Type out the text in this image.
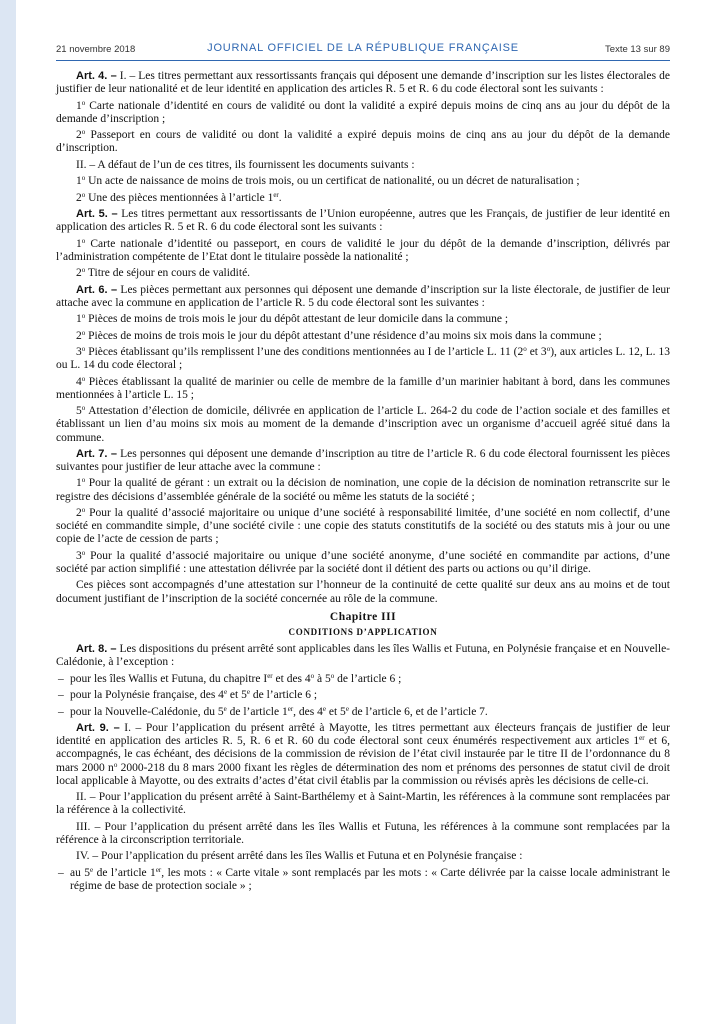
21 novembre 2018	JOURNAL OFFICIEL DE LA RÉPUBLIQUE FRANÇAISE	Texte 13 sur 89

Art. 4. – I. – Les titres permettant aux ressortissants français qui déposent une demande d’inscription sur les listes électorales de justifier de leur nationalité et de leur identité en application des articles R. 5 et R. 6 du code électoral sont les suivants :

1$^o$ Carte nationale d’identité en cours de validité ou dont la validité a expiré depuis moins de cinq ans au jour du dépôt de la demande d’inscription ;

2$^o$ Passeport en cours de validité ou dont la validité a expiré depuis moins de cinq ans au jour du dépôt de la demande d’inscription.

II. – A défaut de l’un de ces titres, ils fournissent les documents suivants :

1$^o$ Un acte de naissance de moins de trois mois, ou un certificat de nationalité, ou un décret de naturalisation ;

2$^o$ Une des pièces mentionnées à l’article 1er.

Art. 5. – Les titres permettant aux ressortissants de l’Union européenne, autres que les Français, de justifier de leur identité en application des articles R. 5 et R. 6 du code électoral sont les suivants :

1$^o$ Carte nationale d’identité ou passeport, en cours de validité le jour du dépôt de la demande d’inscription, délivrés par l’administration compétente de l’Etat dont le titulaire possède la nationalité ;

2$^o$ Titre de séjour en cours de validité.

Art. 6. – Les pièces permettant aux personnes qui déposent une demande d’inscription sur la liste électorale, de justifier de leur attache avec la commune en application de l’article R. 5 du code électoral sont les suivantes :

1$^o$ Pièces de moins de trois mois le jour du dépôt attestant de leur domicile dans la commune ;

2$^o$ Pièces de moins de trois mois le jour du dépôt attestant d’une résidence d’au moins six mois dans la commune ;

3$^o$ Pièces établissant qu’ils remplissent l’une des conditions mentionnées au I de l’article L. 11 (2$^o$ et 3$^o$), aux articles L. 12, L. 13 ou L. 14 du code électoral ;

4$^o$ Pièces établissant la qualité de marinier ou celle de membre de la famille d’un marinier habitant à bord, dans les communes mentionnées à l’article L. 15 ;

5$^o$ Attestation d’élection de domicile, délivrée en application de l’article L. 264-2 du code de l’action sociale et des familles et établissant un lien d’au moins six mois au moment de la demande d’inscription avec un organisme d’accueil agréé situé dans la commune.

Art. 7. – Les personnes qui déposent une demande d’inscription au titre de l’article R. 6 du code électoral fournissent les pièces suivantes pour justifier de leur attache avec la commune :

1$^o$ Pour la qualité de gérant : un extrait ou la décision de nomination, une copie de la décision de nomination retranscrite sur le registre des décisions d’assemblée générale de la société ou même les statuts de la société ;

2$^o$ Pour la qualité d’associé majoritaire ou unique d’une société à responsabilité limitée, d’une société en nom collectif, d’une société en commandite simple, d’une société civile : une copie des statuts constitutifs de la société ou des statuts mis à jour ou une copie de l’acte de cession de parts ;

3$^o$ Pour la qualité d’associé majoritaire ou unique d’une société anonyme, d’une société en commandite par actions, d’une société par action simplifié : une attestation délivrée par la société dont il détient des parts ou actions ou qu’il dirige.

Ces pièces sont accompagnés d’une attestation sur l’honneur de la continuité de cette qualité sur deux ans au moins et de tout document justifiant de l’inscription de la société concernée au rôle de la commune.

Chapitre III
CONDITIONS D’APPLICATION

Art. 8. – Les dispositions du présent arrêté sont applicables dans les îles Wallis et Futuna, en Polynésie française et en Nouvelle-Calédonie, à l’exception :

– pour les îles Wallis et Futuna, du chapitre Ier et des 4$^o$ à 5$^o$ de l’article 6 ;

– pour la Polynésie française, des 4e et 5e de l’article 6 ;

– pour la Nouvelle-Calédonie, du 5e de l’article 1er, des 4e et 5e de l’article 6, et de l’article 7.

Art. 9. – I. – Pour l’application du présent arrêté à Mayotte, les titres permettant aux électeurs français de justifier de leur identité en application des articles R. 5, R. 6 et R. 60 du code électoral sont ceux énumérés respectivement aux articles 1er et 6, accompagnés, le cas échéant, des décisions de la commission de révision de l’état civil instaurée par le titre II de l’ordonnance du 8 mars 2000 $n^o$ 2000-218 du 8 mars 2000 fixant les règles de détermination des nom et prénoms des personnes de statut civil de droit local applicable à Mayotte, ou des extraits d’actes d’état civil établis par la commission ou révisés après les décisions de celle-ci.

II. – Pour l’application du présent arrêté à Saint-Barthélemy et à Saint-Martin, les références à la commune sont remplacées par la référence à la collectivité.

III. – Pour l’application du présent arrêté dans les îles Wallis et Futuna, les références à la commune sont remplacées par la référence à la circonscription territoriale.

IV. – Pour l’application du présent arrêté dans les îles Wallis et Futuna et en Polynésie française :

– au 5e de l’article 1er, les mots : « Carte vitale » sont remplacés par les mots : « Carte délivrée par la caisse locale administrant le régime de base de protection sociale » ;
